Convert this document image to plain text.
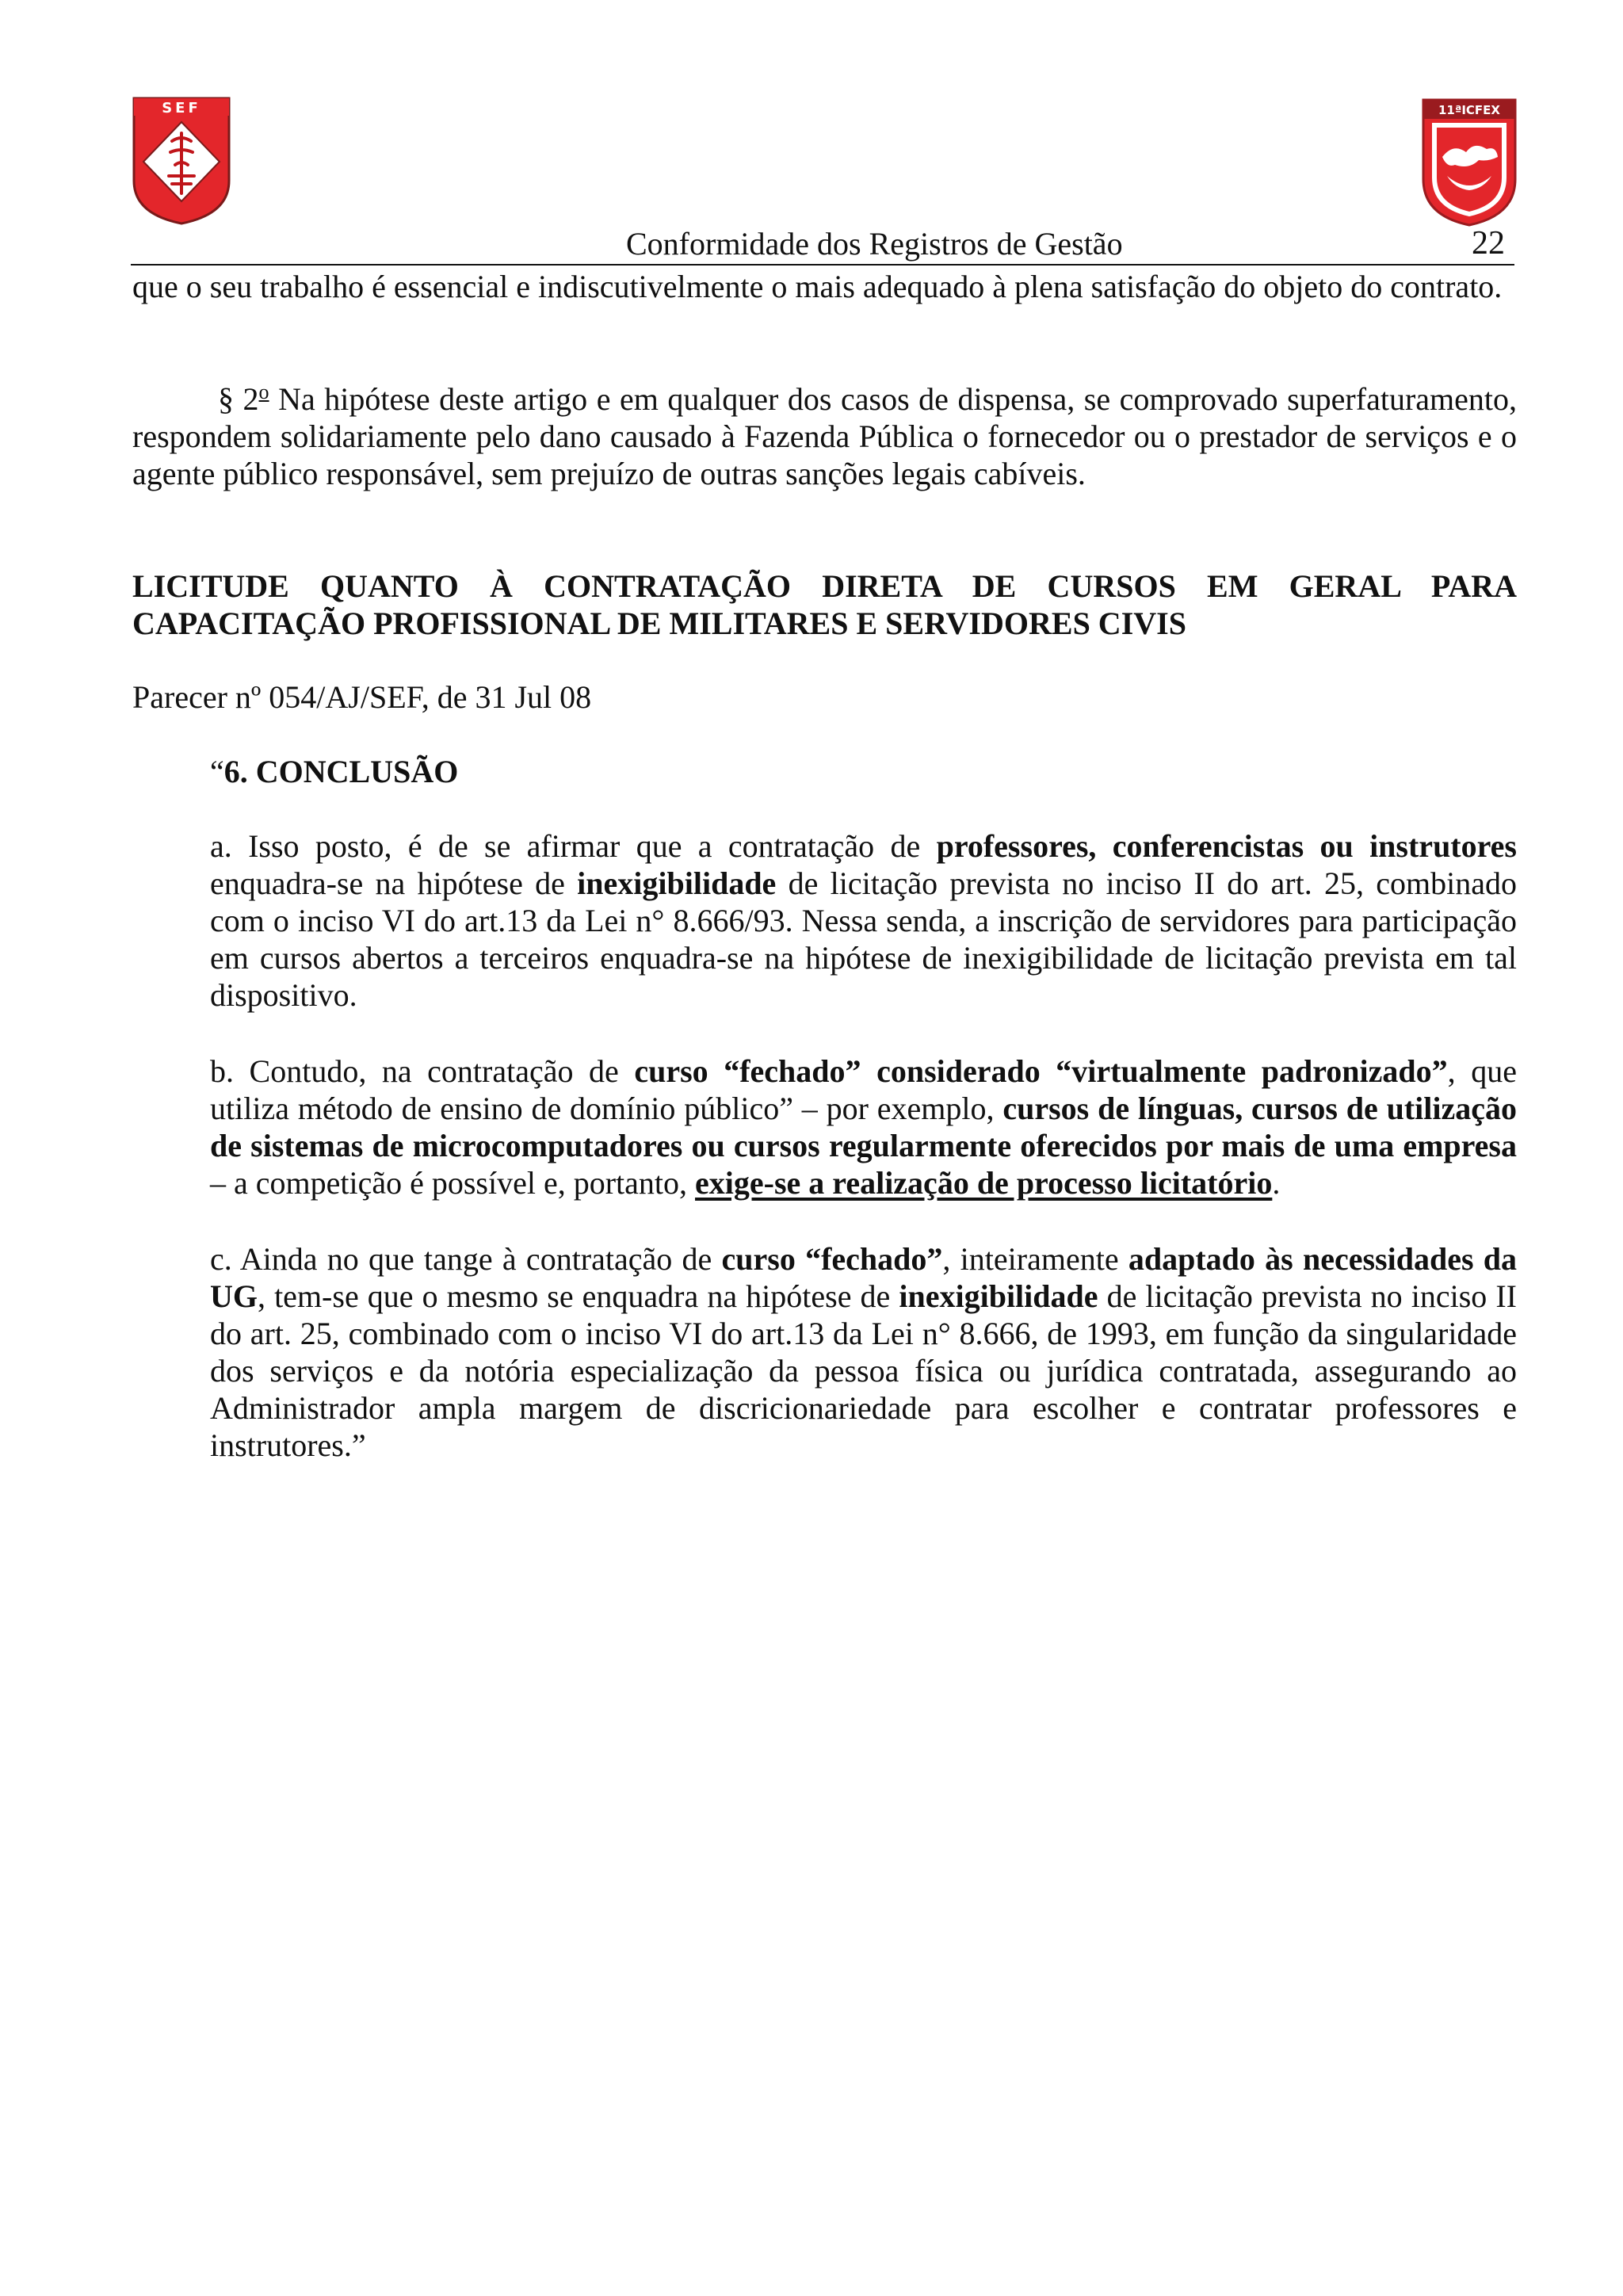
SEF	11ªICFEX
Conformidade dos Registros de Gestão	22
que o seu trabalho é essencial e indiscutivelmente o mais adequado à plena satisfação do objeto do contrato.
§ 2$^o$ Na hipótese deste artigo e em qualquer dos casos de dispensa, se comprovado superfaturamento, respondem solidariamente pelo dano causado à Fazenda Pública o fornecedor ou o prestador de serviços e o agente público responsável, sem prejuízo de outras sanções legais cabíveis.
LICITUDE QUANTO À CONTRATAÇÃO DIRETA DE CURSOS EM GERAL PARA CAPACITAÇÃO PROFISSIONAL DE MILITARES E SERVIDORES CIVIS
Parecer nº 054/AJ/SEF, de 31 Jul 08
“6. CONCLUSÃO
a. Isso posto, é de se afirmar que a contratação de professores, conferencistas ou instrutores enquadra-se na hipótese de inexigibilidade de licitação prevista no inciso II do art. 25, combinado com o inciso VI do art.13 da Lei n° 8.666/93. Nessa senda, a inscrição de servidores para participação em cursos abertos a terceiros enquadra-se na hipótese de inexigibilidade de licitação prevista em tal dispositivo.
b. Contudo, na contratação de curso “fechado” considerado “virtualmente padronizado”, que utiliza método de ensino de domínio público” – por exemplo, cursos de línguas, cursos de utilização de sistemas de microcomputadores ou cursos regularmente oferecidos por mais de uma empresa – a competição é possível e, portanto, exige-se a realização de processo licitatório.
c. Ainda no que tange à contratação de curso “fechado”, inteiramente adaptado às necessidades da UG, tem-se que o mesmo se enquadra na hipótese de inexigibilidade de licitação prevista no inciso II do art. 25, combinado com o inciso VI do art.13 da Lei n° 8.666, de 1993, em função da singularidade dos serviços e da notória especialização da pessoa física ou jurídica contratada, assegurando ao Administrador ampla margem de discricionariedade para escolher e contratar professores e instrutores.”
